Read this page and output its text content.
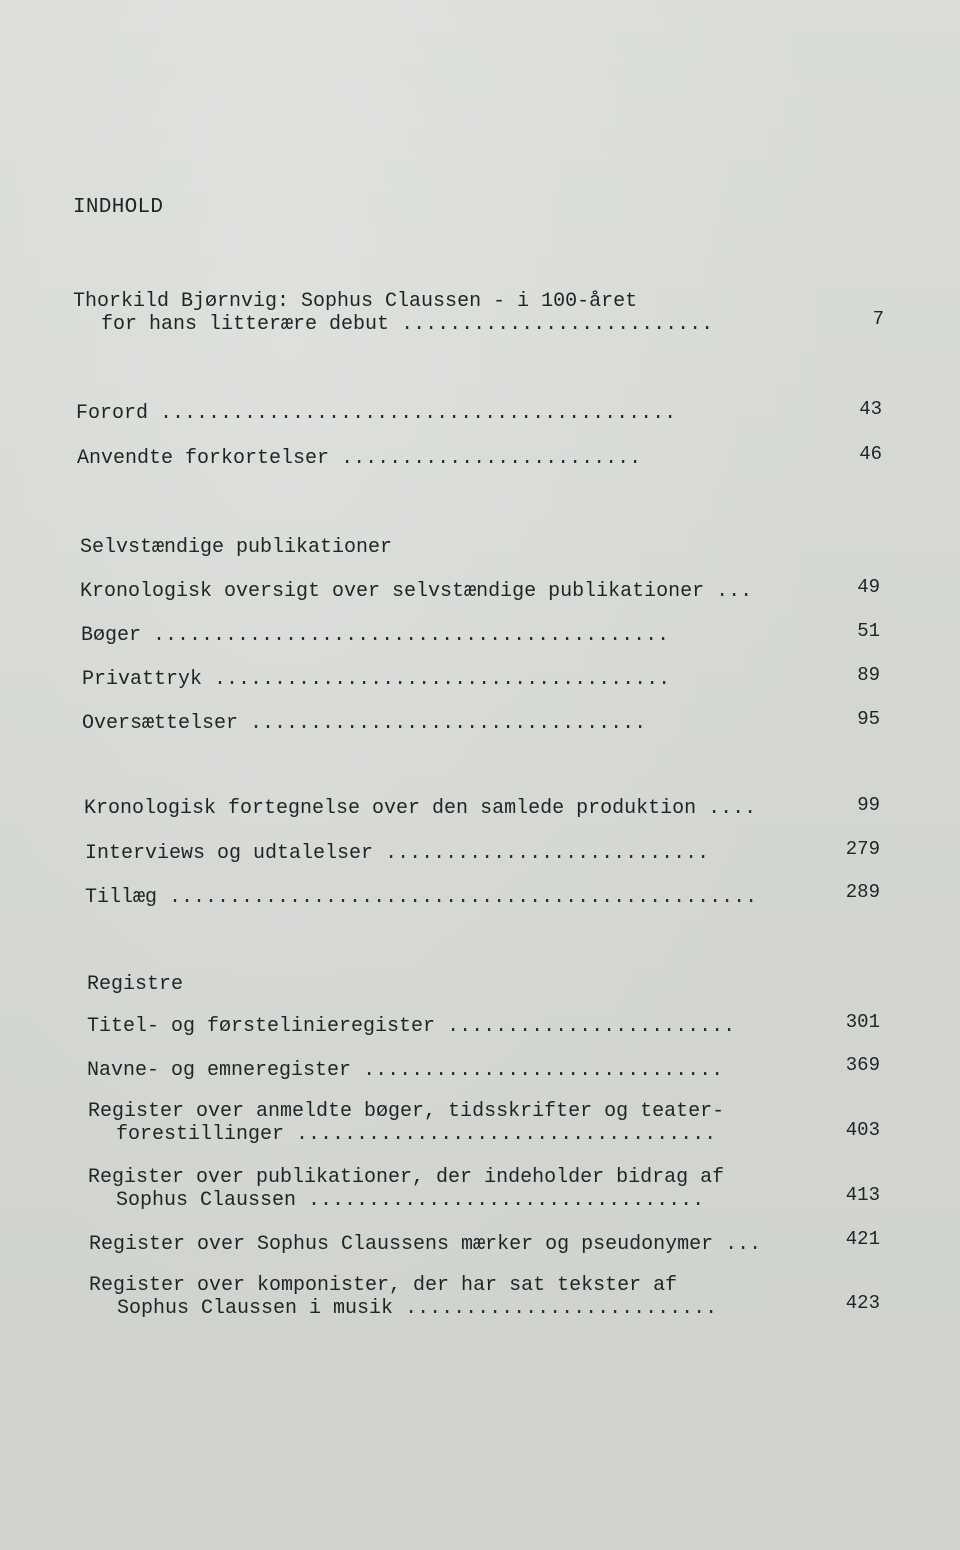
INDHOLD
Thorkild Bjørnvig: Sophus Claussen - i 100-året
for hans litterære debut ..........................	7
Forord ...........................................	43
Anvendte forkortelser .........................	46
Selvstændige publikationer
Kronologisk oversigt over selvstændige publikationer ...	49
Bøger ...........................................	51
Privattryk ......................................	89
Oversættelser .................................	95
Kronologisk fortegnelse over den samlede produktion ....	99
Interviews og udtalelser ...........................	279
Tillæg .................................................	289
Registre
Titel- og førstelinieregister ........................	301
Navne- og emneregister ..............................	369
Register over anmeldte bøger, tidsskrifter og teater-
forestillinger ...................................	403
Register over publikationer, der indeholder bidrag af
Sophus Claussen .................................	413
Register over Sophus Claussens mærker og pseudonymer ...	421
Register over komponister, der har sat tekster af
Sophus Claussen i musik ..........................	423
